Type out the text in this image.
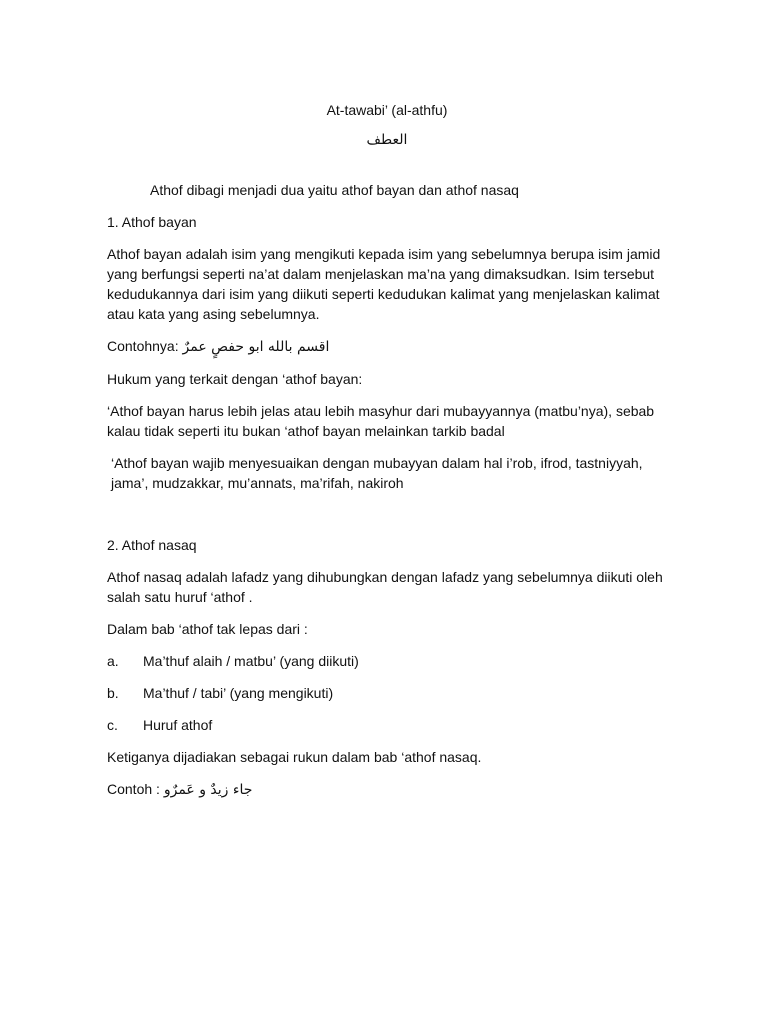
At-tawabi’ (al-athfu)

العطف

Athof dibagi menjadi dua yaitu athof bayan dan athof nasaq

1. Athof bayan

Athof bayan adalah isim yang mengikuti kepada isim yang sebelumnya berupa isim jamid yang berfungsi seperti na’at dalam menjelaskan ma’na yang dimaksudkan. Isim tersebut kedudukannya dari isim yang diikuti seperti kedudukan kalimat yang menjelaskan kalimat atau kata yang asing sebelumnya.

Contohnya: اقسم بالله ابو حفصٍ عمرٌ

Hukum yang terkait dengan ‘athof bayan:

‘Athof bayan harus lebih jelas atau lebih masyhur dari mubayyannya (matbu’nya), sebab kalau tidak seperti itu bukan ‘athof bayan melainkan tarkib badal

‘Athof bayan wajib menyesuaikan dengan mubayyan dalam hal i’rob, ifrod, tastniyyah, jama’, mudzakkar, mu’annats, ma’rifah, nakiroh

2. Athof nasaq

Athof nasaq adalah lafadz yang dihubungkan dengan lafadz yang sebelumnya diikuti oleh salah satu huruf ‘athof .

Dalam bab ‘athof tak lepas dari :

a.	Ma’thuf alaih / matbu’ (yang diikuti)
b.	Ma’thuf / tabi’ (yang mengikuti)
c.	Huruf athof

Ketiganya dijadiakan sebagai rukun dalam bab ‘athof nasaq.

Contoh : جاء زيدٌ و عَمرٌو
